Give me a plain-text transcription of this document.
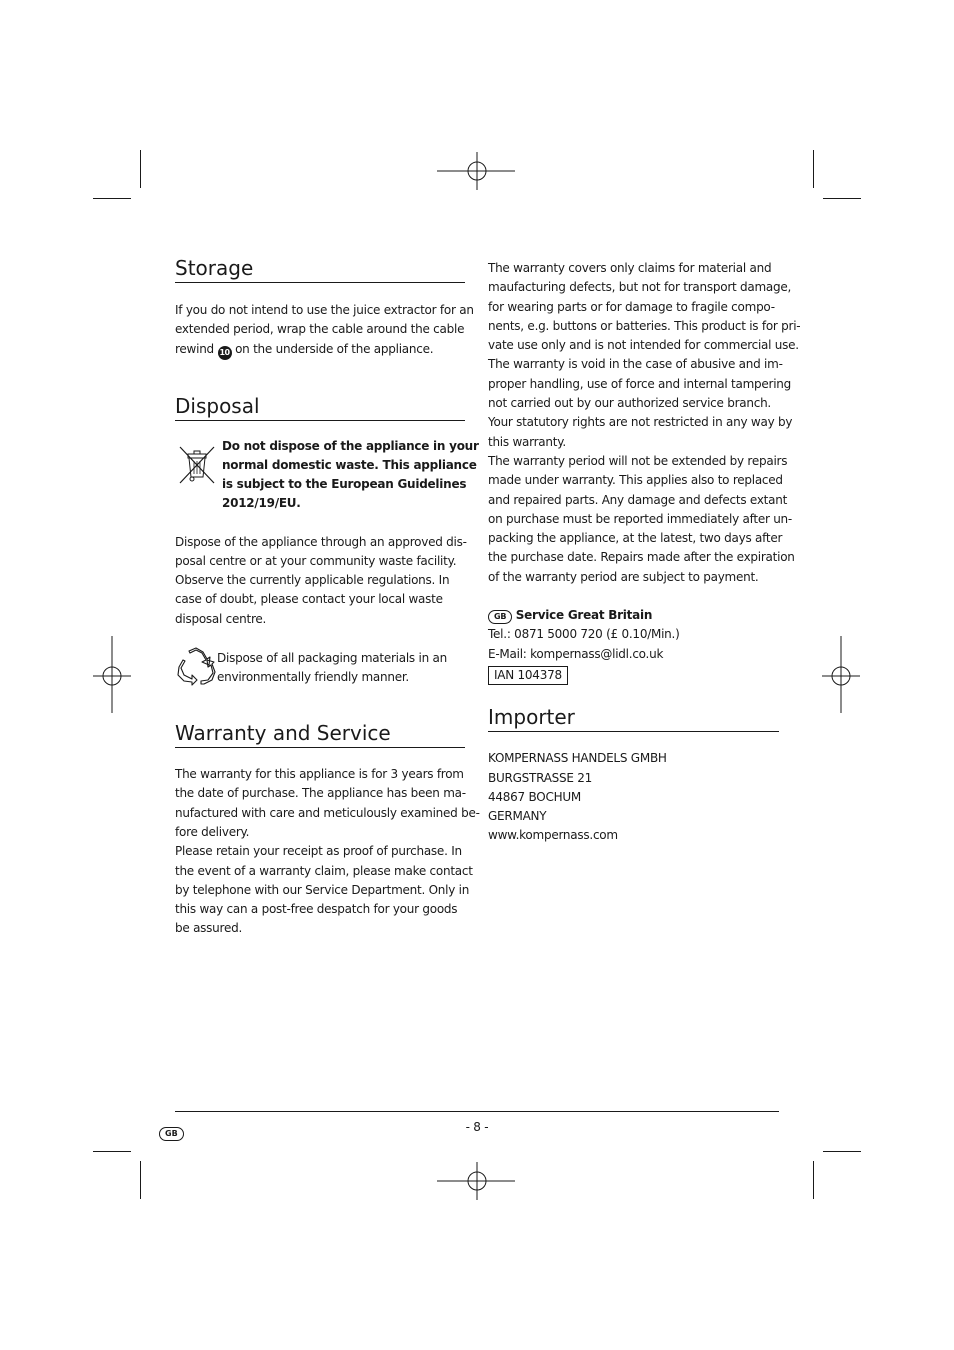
Storage
If you do not intend to use the juice extractor for an
extended period, wrap the cable around the cable
rewind 10 on the underside of the appliance.
Disposal
Do not dispose of the appliance in your
normal domestic waste. This appliance
is subject to the European Guidelines
2012/19/EU.
Dispose of the appliance through an approved dis-
posal centre or at your community waste facility.
Observe the currently applicable regulations. In
case of doubt, please contact your local waste
disposal centre.
Dispose of all packaging materials in an
environmentally friendly manner.
Warranty and Service
The warranty for this appliance is for 3 years from
the date of purchase. The appliance has been ma-
nufactured with care and meticulously examined be-
fore delivery.
Please retain your receipt as proof of purchase. In
the event of a warranty claim, please make contact
by telephone with our Service Department. Only in
this way can a post-free despatch for your goods
be assured.
The warranty covers only claims for material and
maufacturing defects, but not for transport damage,
for wearing parts or for damage to fragile compo-
nents, e.g. buttons or batteries. This product is for pri-
vate use only and is not intended for commercial use.
The warranty is void in the case of abusive and im-
proper handling, use of force and internal tampering
not carried out by our authorized service branch.
Your statutory rights are not restricted in any way by
this warranty.
The warranty period will not be extended by repairs
made under warranty. This applies also to replaced
and repaired parts. Any damage and defects extant
on purchase must be reported immediately after un-
packing the appliance, at the latest, two days after
the purchase date. Repairs made after the expiration
of the warranty period are subject to payment.
GB Service Great Britain
Tel.: 0871 5000 720 (£ 0.10/Min.)
E-Mail: kompernass@lidl.co.uk
IAN 104378
Importer
KOMPERNASS HANDELS GMBH
BURGSTRASSE 21
44867 BOCHUM
GERMANY
www.kompernass.com
GB	- 8 -
